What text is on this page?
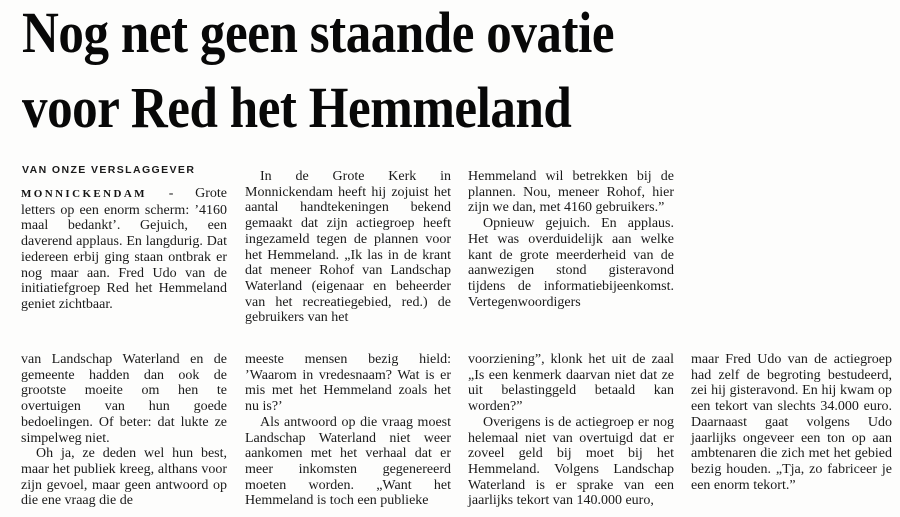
Nog net geen staande ovatie
voor Red het Hemmeland
VAN ONZE VERSLAGGEVER

MONNICKENDAM - Grote letters op een enorm scherm: ’4160 maal bedankt’. Gejuich, een daverend applaus. En langdurig. Dat iedereen erbij ging staan ontbrak er nog maar aan. Fred Udo van de initiatiefgroep Red het Hemmeland geniet zichtbaar.

In de Grote Kerk in Monnickendam heeft hij zojuist het aantal handtekeningen bekend gemaakt dat zijn actiegroep heeft ingezameld tegen de plannen voor het Hemmeland. „Ik las in de krant dat meneer Rohof van Landschap Waterland (eigenaar en beheerder van het recreatiegebied, red.) de gebruikers van het

Hemmeland wil betrekken bij de plannen. Nou, meneer Rohof, hier zijn we dan, met 4160 gebruikers.”

Opnieuw gejuich. En applaus. Het was overduidelijk aan welke kant de grote meerderheid van de aanwezigen stond gisteravond tijdens de informatiebijeenkomst. Vertegenwoordigers

van Landschap Waterland en de gemeente hadden dan ook de grootste moeite om hen te overtuigen van hun goede bedoelingen. Of beter: dat lukte ze simpelweg niet.

Oh ja, ze deden wel hun best, maar het publiek kreeg, althans voor zijn gevoel, maar geen antwoord op die ene vraag die de

meeste mensen bezig hield: ’Waarom in vredesnaam? Wat is er mis met het Hemmeland zoals het nu is?’

Als antwoord op die vraag moest Landschap Waterland niet weer aankomen met het verhaal dat er meer inkomsten gegenereerd moeten worden. „Want het Hemmeland is toch een publieke

voorziening”, klonk het uit de zaal „Is een kenmerk daarvan niet dat ze uit belastinggeld betaald kan worden?”

Overigens is de actiegroep er nog helemaal niet van overtuigd dat er zoveel geld bij moet bij het Hemmeland. Volgens Landschap Waterland is er sprake van een jaarlijks tekort van 140.000 euro,

maar Fred Udo van de actiegroep had zelf de begroting bestudeerd, zei hij gisteravond. En hij kwam op een tekort van slechts 34.000 euro. Daarnaast gaat volgens Udo jaarlijks ongeveer een ton op aan ambtenaren die zich met het gebied bezig houden. „Tja, zo fabriceer je een enorm tekort.”
